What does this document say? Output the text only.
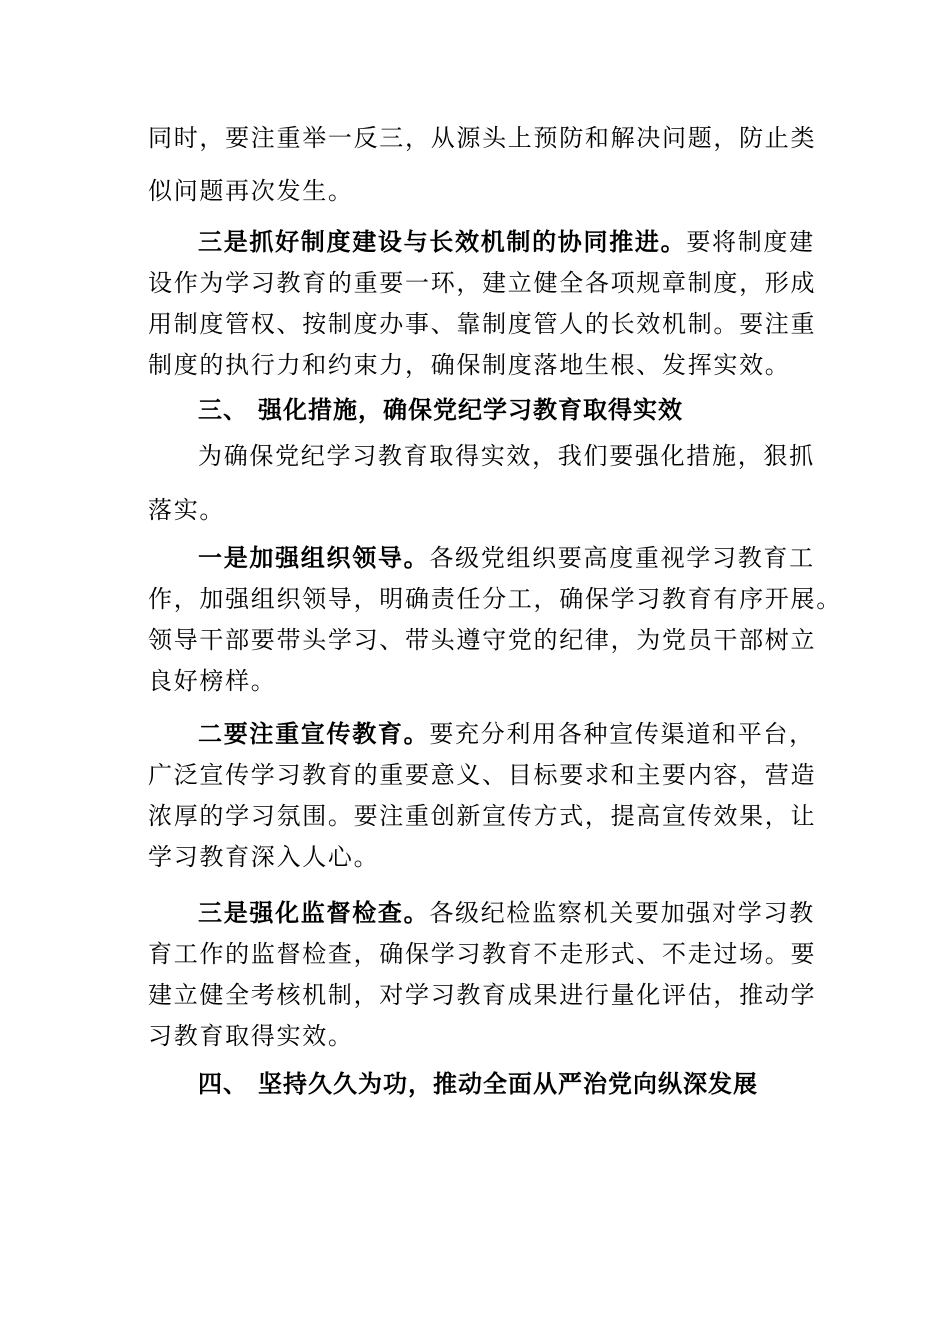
同时，要注重举一反三，从源头上预防和解决问题，防止类
似问题再次发生。
三是抓好制度建设与长效机制的协同推进。要将制度建
设作为学习教育的重要一环，建立健全各项规章制度，形成
用制度管权、按制度办事、靠制度管人的长效机制。要注重
制度的执行力和约束力，确保制度落地生根、发挥实效。
三、 强化措施，确保党纪学习教育取得实效
为确保党纪学习教育取得实效，我们要强化措施，狠抓
落实。
一是加强组织领导。各级党组织要高度重视学习教育工
作，加强组织领导，明确责任分工，确保学习教育有序开展。
领导干部要带头学习、带头遵守党的纪律，为党员干部树立
良好榜样。
二要注重宣传教育。要充分利用各种宣传渠道和平台，
广泛宣传学习教育的重要意义、目标要求和主要内容，营造
浓厚的学习氛围。要注重创新宣传方式，提高宣传效果，让
学习教育深入人心。
三是强化监督检查。各级纪检监察机关要加强对学习教
育工作的监督检查，确保学习教育不走形式、不走过场。要
建立健全考核机制，对学习教育成果进行量化评估，推动学
习教育取得实效。
四、 坚持久久为功，推动全面从严治党向纵深发展
